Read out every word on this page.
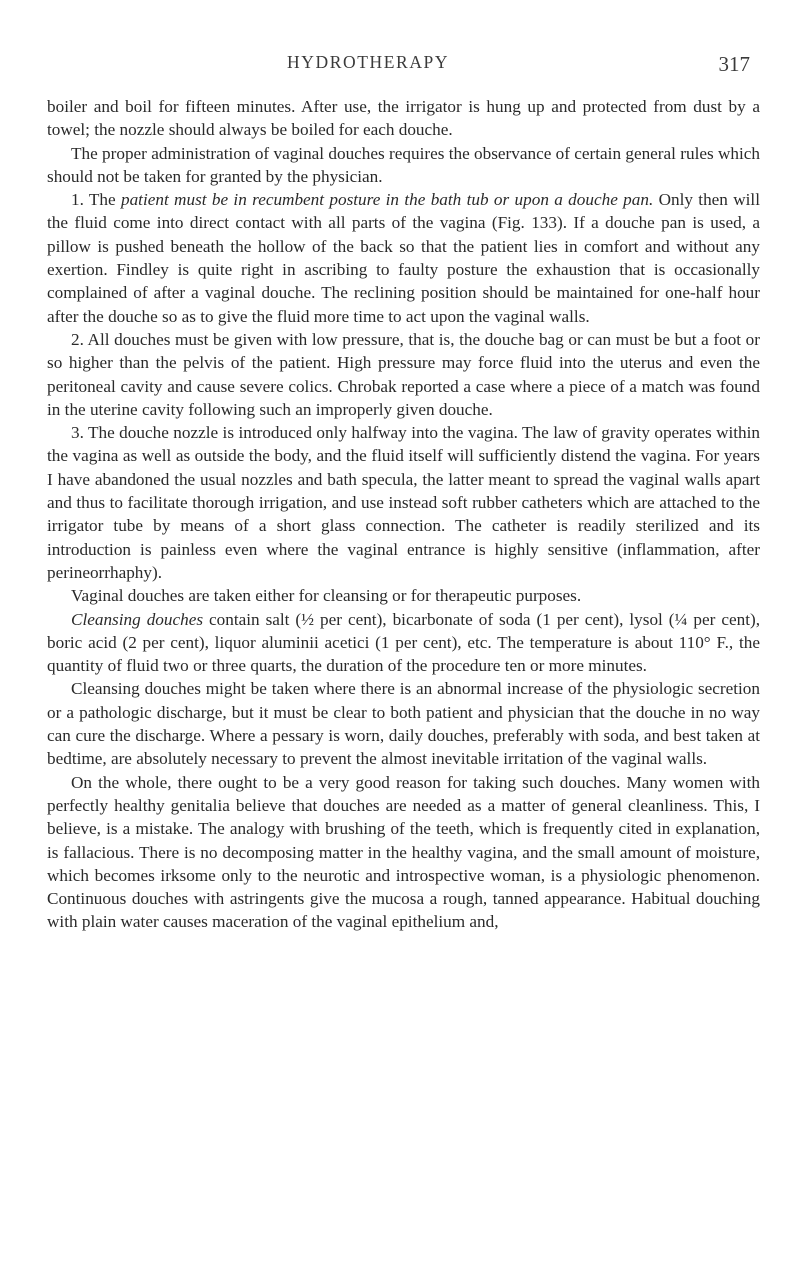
HYDROTHERAPY	317

boiler and boil for fifteen minutes. After use, the irrigator is hung up and protected from dust by a towel; the nozzle should always be boiled for each douche.

The proper administration of vaginal douches requires the observance of certain general rules which should not be taken for granted by the physician.

1. The patient must be in recumbent posture in the bath tub or upon a douche pan. Only then will the fluid come into direct contact with all parts of the vagina (Fig. 133). If a douche pan is used, a pillow is pushed beneath the hollow of the back so that the patient lies in comfort and without any exertion. Findley is quite right in ascribing to faulty posture the exhaustion that is occasionally complained of after a vaginal douche. The reclining position should be maintained for one-half hour after the douche so as to give the fluid more time to act upon the vaginal walls.

2. All douches must be given with low pressure, that is, the douche bag or can must be but a foot or so higher than the pelvis of the patient. High pressure may force fluid into the uterus and even the peritoneal cavity and cause severe colics. Chrobak reported a case where a piece of a match was found in the uterine cavity following such an improperly given douche.

3. The douche nozzle is introduced only halfway into the vagina. The law of gravity operates within the vagina as well as outside the body, and the fluid itself will sufficiently distend the vagina. For years I have abandoned the usual nozzles and bath specula, the latter meant to spread the vaginal walls apart and thus to facilitate thorough irrigation, and use instead soft rubber catheters which are attached to the irrigator tube by means of a short glass connection. The catheter is readily sterilized and its introduction is painless even where the vaginal entrance is highly sensitive (inflammation, after perineorrhaphy).

Vaginal douches are taken either for cleansing or for therapeutic purposes.

Cleansing douches contain salt (½ per cent), bicarbonate of soda (1 per cent), lysol (¼ per cent), boric acid (2 per cent), liquor aluminii acetici (1 per cent), etc. The temperature is about 110° F., the quantity of fluid two or three quarts, the duration of the procedure ten or more minutes.

Cleansing douches might be taken where there is an abnormal increase of the physiologic secretion or a pathologic discharge, but it must be clear to both patient and physician that the douche in no way can cure the discharge. Where a pessary is worn, daily douches, preferably with soda, and best taken at bedtime, are absolutely necessary to prevent the almost inevitable irritation of the vaginal walls.

On the whole, there ought to be a very good reason for taking such douches. Many women with perfectly healthy genitalia believe that douches are needed as a matter of general cleanliness. This, I believe, is a mistake. The analogy with brushing of the teeth, which is frequently cited in explanation, is fallacious. There is no decomposing matter in the healthy vagina, and the small amount of moisture, which becomes irksome only to the neurotic and introspective woman, is a physiologic phenomenon. Continuous douches with astringents give the mucosa a rough, tanned appearance. Habitual douching with plain water causes maceration of the vaginal epithelium and,
